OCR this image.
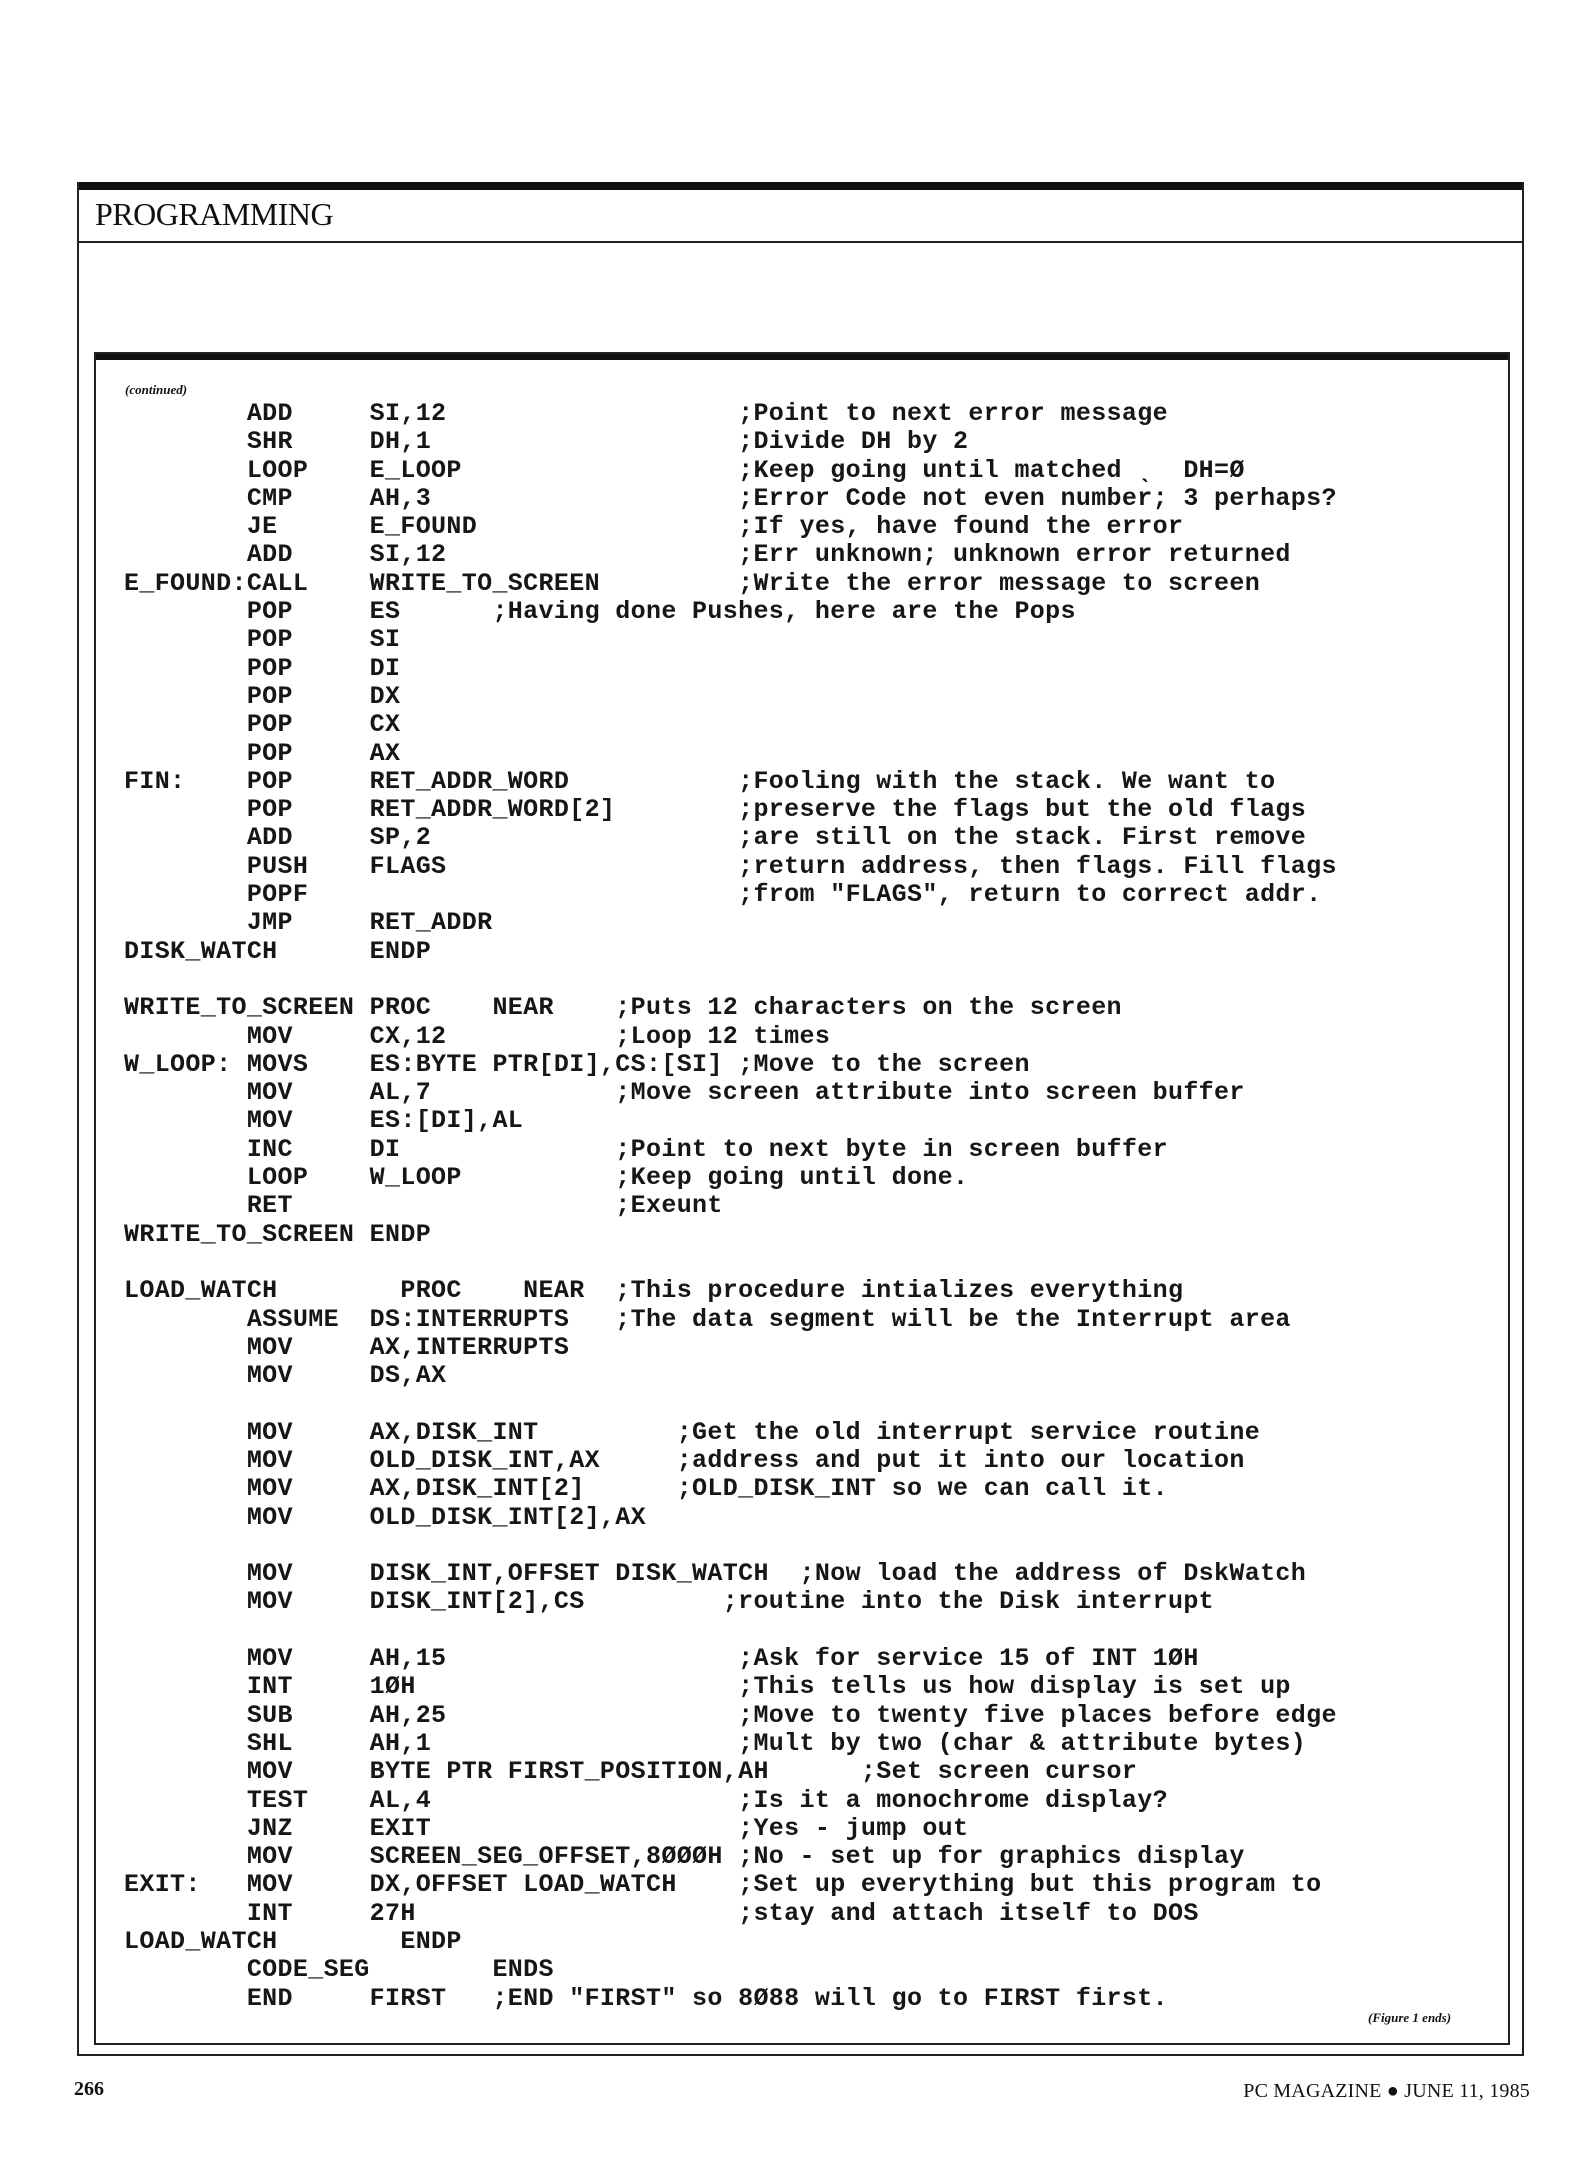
PROGRAMMING
(continued)
ADD     SI,12                   ;Point to next error message
SHR     DH,1                    ;Divide DH by 2
LOOP    E_LOOP                  ;Keep going until matched ˎ  DH=Ø
CMP     AH,3                    ;Error Code not even number; 3 perhaps?
JE      E_FOUND                 ;If yes, have found the error
ADD     SI,12                   ;Err unknown; unknown error returned
E_FOUND:CALL    WRITE_TO_SCREEN         ;Write the error message to screen
POP     ES      ;Having done Pushes, here are the Pops
POP     SI
POP     DI
POP     DX
POP     CX
POP     AX
FIN:    POP     RET_ADDR_WORD           ;Fooling with the stack. We want to
POP     RET_ADDR_WORD[2]        ;preserve the flags but the old flags
ADD     SP,2                    ;are still on the stack. First remove
PUSH    FLAGS                   ;return address, then flags. Fill flags
POPF                            ;from "FLAGS", return to correct addr.
JMP     RET_ADDR
DISK_WATCH      ENDP
WRITE_TO_SCREEN PROC    NEAR    ;Puts 12 characters on the screen
MOV     CX,12           ;Loop 12 times
W_LOOP: MOVS    ES:BYTE PTR[DI],CS:[SI] ;Move to the screen
MOV     AL,7            ;Move screen attribute into screen buffer
MOV     ES:[DI],AL
INC     DI              ;Point to next byte in screen buffer
LOOP    W_LOOP          ;Keep going until done.
RET                     ;Exeunt
WRITE_TO_SCREEN ENDP
LOAD_WATCH        PROC    NEAR  ;This procedure intializes everything
ASSUME  DS:INTERRUPTS   ;The data segment will be the Interrupt area
MOV     AX,INTERRUPTS
MOV     DS,AX
MOV     AX,DISK_INT         ;Get the old interrupt service routine
MOV     OLD_DISK_INT,AX     ;address and put it into our location
MOV     AX,DISK_INT[2]      ;OLD_DISK_INT so we can call it.
MOV     OLD_DISK_INT[2],AX
MOV     DISK_INT,OFFSET DISK_WATCH  ;Now load the address of DskWatch
MOV     DISK_INT[2],CS         ;routine into the Disk interrupt
MOV     AH,15                   ;Ask for service 15 of INT 1ØH
INT     1ØH                     ;This tells us how display is set up
SUB     AH,25                   ;Move to twenty five places before edge
SHL     AH,1                    ;Mult by two (char & attribute bytes)
MOV     BYTE PTR FIRST_POSITION,AH      ;Set screen cursor
TEST    AL,4                    ;Is it a monochrome display?
JNZ     EXIT                    ;Yes - jump out
MOV     SCREEN_SEG_OFFSET,8ØØØH ;No - set up for graphics display
EXIT:   MOV     DX,OFFSET LOAD_WATCH    ;Set up everything but this program to
INT     27H                     ;stay and attach itself to DOS
LOAD_WATCH        ENDP
CODE_SEG        ENDS
END     FIRST   ;END "FIRST" so 8Ø88 will go to FIRST first.
(Figure 1 ends)
266	PC MAGAZINE ● JUNE 11, 1985
